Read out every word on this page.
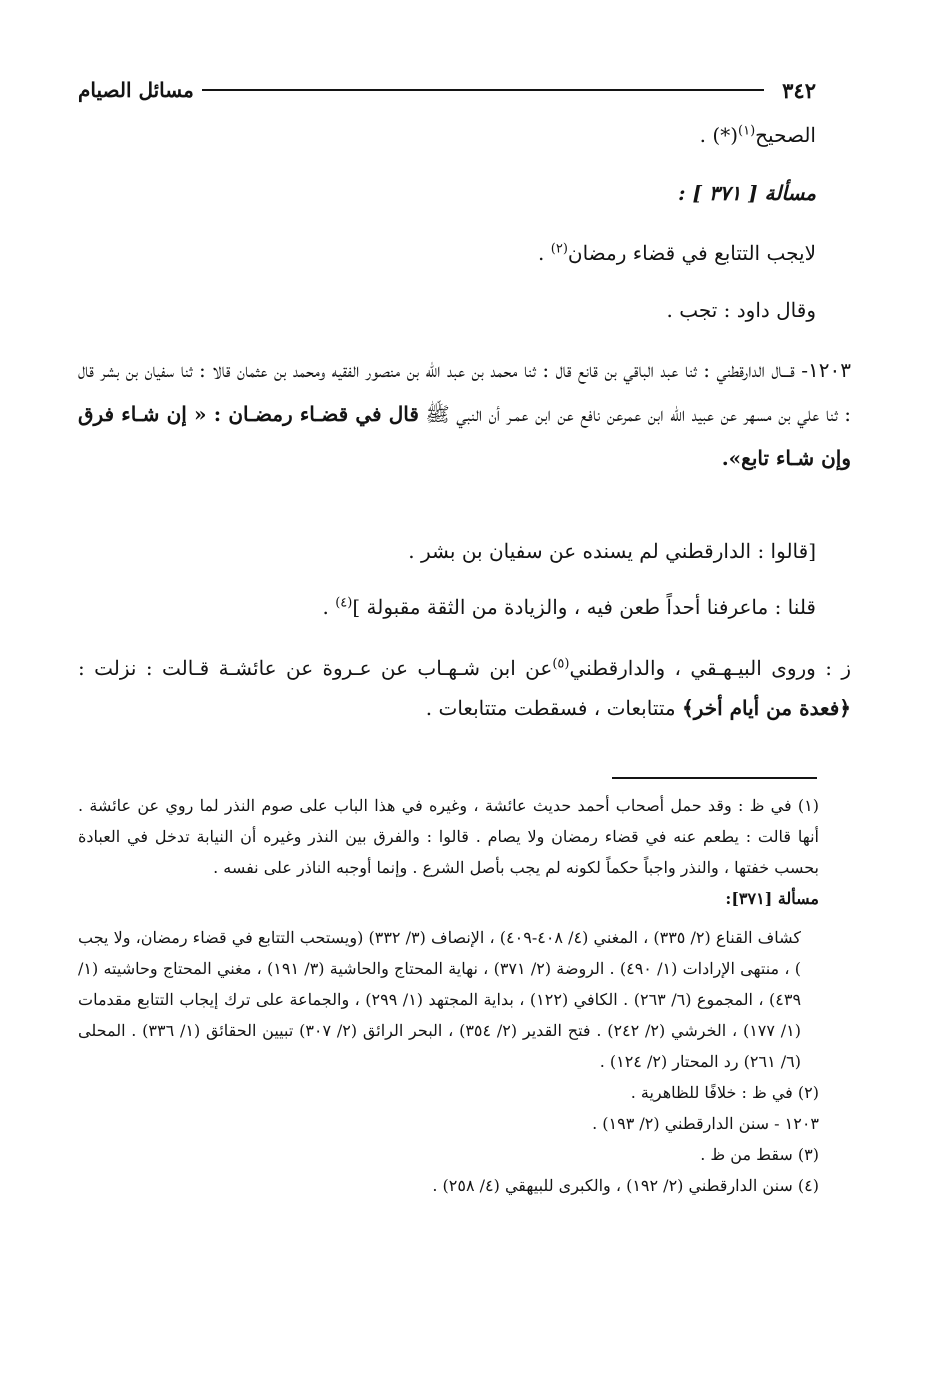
٣٤٢
مسائل الصيام
الصحيح$^{(١)}$(*) .
مسألة [ ٣٧١ ] :
لايجب التتابع في قضاء رمضان$^{(٢)}$ .
وقال داود : تجب .

١٢٠٣- قـــال الدارقطني : ثنا عبد الباقي بن قانع قال : ثنا محمد بن عبد الله بن منصور الفقيه ومحمد بن عثمان قالا : ثنا سفيان بن بشر قال : ثنا علي بن مسهر عن عبيد الله ابن عمرعن نافع عن ابن عمـر أن النبي ﷺ قال في قضـاء رمضـان : « إن شـاء فرق وإن شـاء تابع».

[قالوا : الدارقطني لم يسنده عن سفيان بن بشر .
قلنا : ماعرفنا أحداً طعن فيه ، والزيادة من الثقة مقبولة ]$^{(٤)}$ .

ز : وروى البيـهـقي ، والدارقطني$^{(٥)}$عن ابن شـهـاب عن عـروة عن عائشـة قـالت : نزلت : ﴿فعدة من أيام أخر﴾ متتابعات ، فسقطت متتابعات .

(١) في ظ : وقد حمل أصحاب أحمد حديث عائشة ، وغيره في هذا الباب على صوم النذر لما روي عن عائشة . أنها قالت : يطعم عنه في قضاء رمضان ولا يصام . قالوا : والفرق بين النذر وغيره أن النيابة تدخل في العبادة بحسب خفتها ، والنذر واجباً حكماً لكونه لم يجب بأصل الشرع . وإنما أوجبه الناذر على نفسه .

مسألة [٣٧١]:

كشاف القناع (٢/ ٣٣٥) ، المغني (٤/ ٤٠٨-٤٠٩) ، الإنصاف (٣/ ٣٣٢) (ويستحب التتابع في قضاء رمضان، ولا يجب ) ، منتهى الإرادات (١/ ٤٩٠) . الروضة (٢/ ٣٧١) ، نهاية المحتاج والحاشية (٣/ ١٩١) ، مغني المحتاج وحاشيته (١/ ٤٣٩) ، المجموع (٦/ ٢٦٣) . الكافي (١٢٢) ، بداية المجتهد (١/ ٢٩٩) ، والجماعة على ترك إيجاب التتابع مقدمات (١/ ١٧٧) ، الخرشي (٢/ ٢٤٢) . فتح القدير (٢/ ٣٥٤) ، البحر الرائق (٢/ ٣٠٧) تبيين الحقائق (١/ ٣٣٦) . المحلى (٦/ ٢٦١) رد المحتار (٢/ ١٢٤) .

(٢) في ظ : خلافًا للظاهرية .

١٢٠٣ - سنن الدارقطني (٢/ ١٩٣) .

(٣) سقط من ظ .

(٤) سنن الدارقطني (٢/ ١٩٢) ، والكبرى للبيهقي (٤/ ٢٥٨) .
